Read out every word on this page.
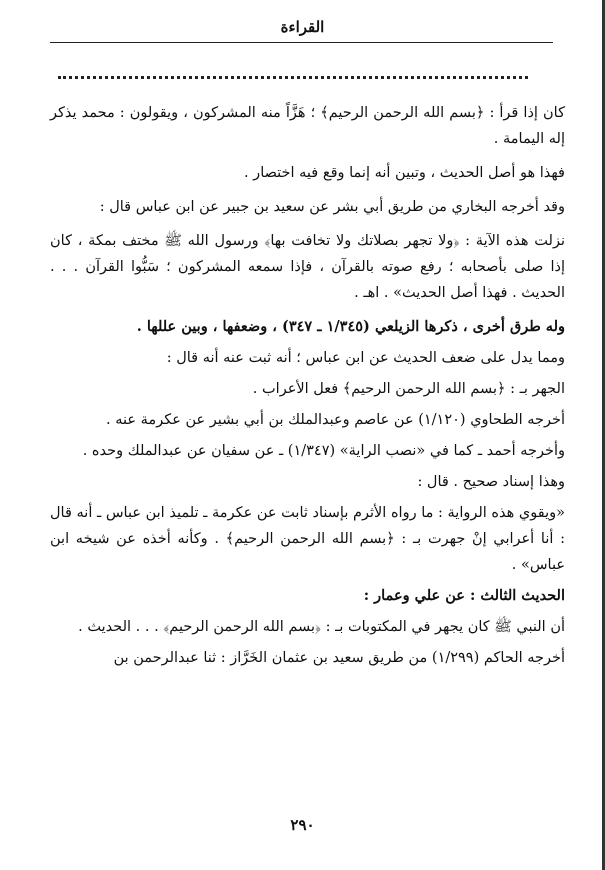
القراءة

كان إذا قرأ : ﴿بسم الله الرحمن الرحيم﴾ ؛ هَزَّاً منه المشركون ، ويقولون : محمد يذكر إله اليمامة .

فهذا هو أصل الحديث ، وتبين أنه إنما وقع فيه اختصار .

وقد أخرجه البخاري من طريق أبي بشر عن سعيد بن جبير عن ابن عباس قال :

نزلت هذه الآية : ﴿ولا تجهر بصلاتك ولا تخافت بها﴾ ورسول الله ﷺ مختف بمكة ، كان إذا صلى بأصحابه ؛ رفع صوته بالقرآن ، فإذا سمعه المشركون ؛ سَبُّوا القرآن . . . الحديث . فهذا أصل الحديث» . اهـ .

وله طرق أخرى ، ذكرها الزيلعي (١/٣٤٥ ـ ٣٤٧) ، وضعفها ، وبين عللها .

ومما يدل على ضعف الحديث عن ابن عباس ؛ أنه ثبت عنه أنه قال :

الجهر بـ : ﴿بسم الله الرحمن الرحيم﴾ فعل الأعراب .

أخرجه الطحاوي (١/١٢٠) عن عاصم وعبدالملك بن أبي بشير عن عكرمة عنه .

وأخرجه أحمد ـ كما في «نصب الراية» (١/٣٤٧) ـ عن سفيان عن عبدالملك وحده .

وهذا إسناد صحيح . قال :

«ويقوي هذه الرواية : ما رواه الأثرم بإسناد ثابت عن عكرمة ـ تلميذ ابن عباس ـ أنه قال : أنا أعرابي إنْ جهرت بـ : ﴿بسم الله الرحمن الرحيم﴾ . وكأنه أخذه عن شيخه ابن عباس» .

الحديث الثالث : عن علي وعمار :

أن النبي ﷺ كان يجهر في المكتوبات بـ : ﴿بسم الله الرحمن الرحيم﴾ . . . الحديث .

أخرجه الحاكم (١/٢٩٩) من طريق سعيد بن عثمان الخَرَّاز : ثنا عبدالرحمن بن

٢٩٠
